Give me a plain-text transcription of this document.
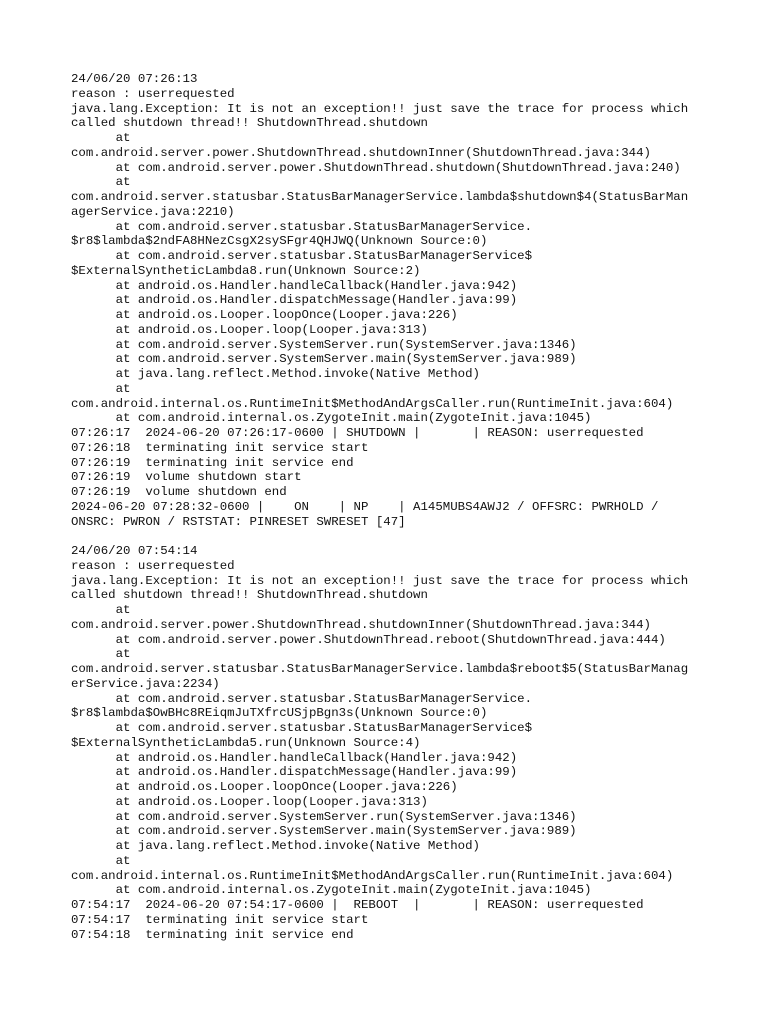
24/06/20 07:26:13
reason : userrequested
java.lang.Exception: It is not an exception!! just save the trace for process which
called shutdown thread!! ShutdownThread.shutdown
at
com.android.server.power.ShutdownThread.shutdownInner(ShutdownThread.java:344)
at com.android.server.power.ShutdownThread.shutdown(ShutdownThread.java:240)
at
com.android.server.statusbar.StatusBarManagerService.lambda$shutdown$4(StatusBarMan
agerService.java:2210)
at com.android.server.statusbar.StatusBarManagerService.
$r8$lambda$2ndFA8HNezCsgX2sySFgr4QHJWQ(Unknown Source:0)
at com.android.server.statusbar.StatusBarManagerService$
$ExternalSyntheticLambda8.run(Unknown Source:2)
at android.os.Handler.handleCallback(Handler.java:942)
at android.os.Handler.dispatchMessage(Handler.java:99)
at android.os.Looper.loopOnce(Looper.java:226)
at android.os.Looper.loop(Looper.java:313)
at com.android.server.SystemServer.run(SystemServer.java:1346)
at com.android.server.SystemServer.main(SystemServer.java:989)
at java.lang.reflect.Method.invoke(Native Method)
at
com.android.internal.os.RuntimeInit$MethodAndArgsCaller.run(RuntimeInit.java:604)
at com.android.internal.os.ZygoteInit.main(ZygoteInit.java:1045)
07:26:17  2024-06-20 07:26:17-0600 | SHUTDOWN |       | REASON: userrequested
07:26:18  terminating init service start
07:26:19  terminating init service end
07:26:19  volume shutdown start
07:26:19  volume shutdown end
2024-06-20 07:28:32-0600 |    ON    | NP    | A145MUBS4AWJ2 / OFFSRC: PWRHOLD /
ONSRC: PWRON / RSTSTAT: PINRESET SWRESET [47]
24/06/20 07:54:14
reason : userrequested
java.lang.Exception: It is not an exception!! just save the trace for process which
called shutdown thread!! ShutdownThread.shutdown
at
com.android.server.power.ShutdownThread.shutdownInner(ShutdownThread.java:344)
at com.android.server.power.ShutdownThread.reboot(ShutdownThread.java:444)
at
com.android.server.statusbar.StatusBarManagerService.lambda$reboot$5(StatusBarManag
erService.java:2234)
at com.android.server.statusbar.StatusBarManagerService.
$r8$lambda$OwBHc8REiqmJuTXfrcUSjpBgn3s(Unknown Source:0)
at com.android.server.statusbar.StatusBarManagerService$
$ExternalSyntheticLambda5.run(Unknown Source:4)
at android.os.Handler.handleCallback(Handler.java:942)
at android.os.Handler.dispatchMessage(Handler.java:99)
at android.os.Looper.loopOnce(Looper.java:226)
at android.os.Looper.loop(Looper.java:313)
at com.android.server.SystemServer.run(SystemServer.java:1346)
at com.android.server.SystemServer.main(SystemServer.java:989)
at java.lang.reflect.Method.invoke(Native Method)
at
com.android.internal.os.RuntimeInit$MethodAndArgsCaller.run(RuntimeInit.java:604)
at com.android.internal.os.ZygoteInit.main(ZygoteInit.java:1045)
07:54:17  2024-06-20 07:54:17-0600 |  REBOOT  |       | REASON: userrequested
07:54:17  terminating init service start
07:54:18  terminating init service end
